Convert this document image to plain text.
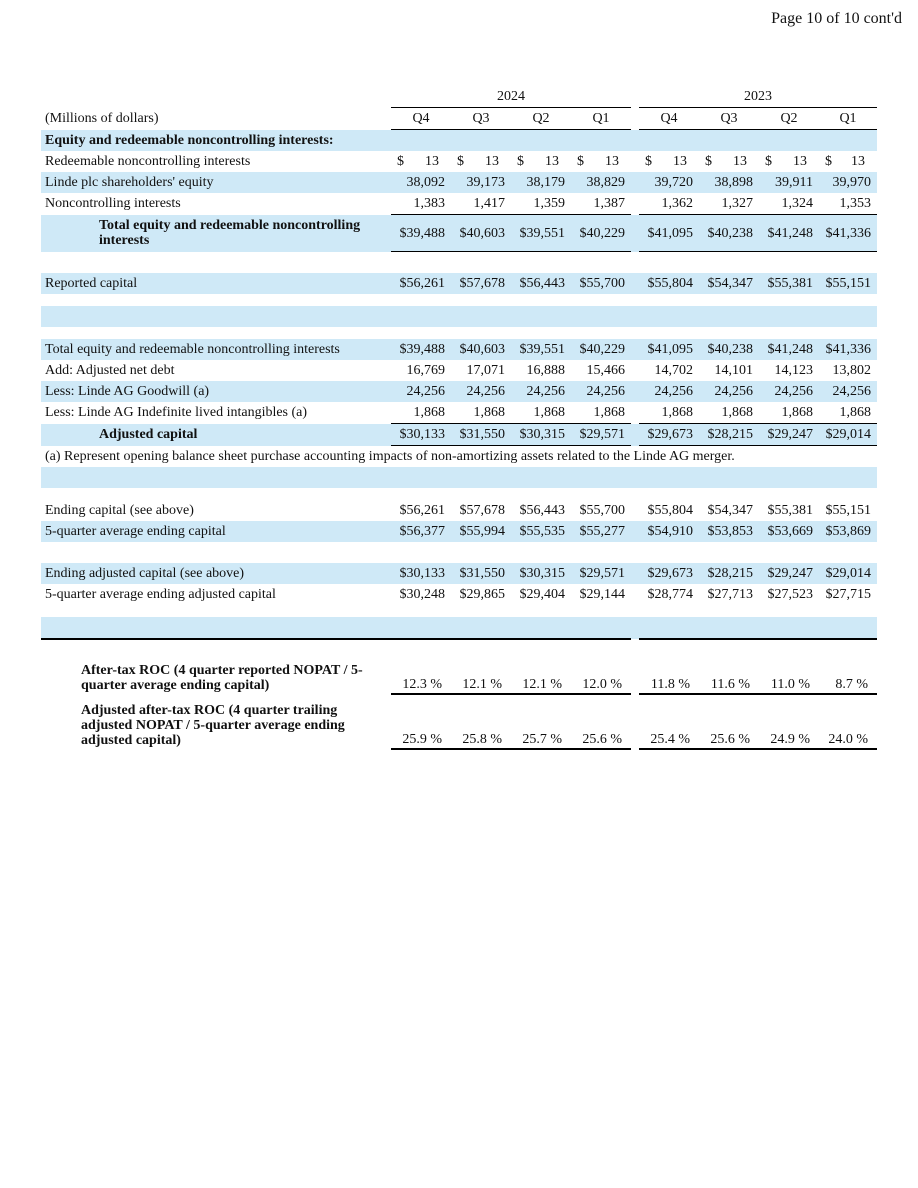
Page 10 of 10 cont'd
	2024					2023			
(Millions of dollars)	Q4	Q3	Q2	Q1		Q4	Q3	Q2	Q1
Equity and redeemable noncontrolling interests:									
Redeemable noncontrolling interests	$ 13	$ 13	$ 13	$ 13		$ 13	$ 13	$ 13	$ 13

Linde plc shareholders' equity	38,092	39,173	38,179	38,829		39,720	38,898	39,911	39,970
Noncontrolling interests	1,383	1,417	1,359	1,387		1,362	1,327	1,324	1,353
Total equity and redeemable noncontrolling interests	$39,488	$40,603	$39,551	$40,229		$41,095	$40,238	$41,248	$41,336

Reported capital	$56,261	$57,678	$56,443	$55,700		$55,804	$54,347	$55,381	$55,151

Total equity and redeemable noncontrolling interests	$39,488	$40,603	$39,551	$40,229		$41,095	$40,238	$41,248	$41,336
Add: Adjusted net debt	16,769	17,071	16,888	15,466		14,702	14,101	14,123	13,802
Less: Linde AG Goodwill (a)	24,256	24,256	24,256	24,256		24,256	24,256	24,256	24,256
Less: Linde AG Indefinite lived intangibles (a)	1,868	1,868	1,868	1,868		1,868	1,868	1,868	1,868
Adjusted capital	$30,133	$31,550	$30,315	$29,571		$29,673	$28,215	$29,247	$29,014
(a) Represent opening balance sheet purchase accounting impacts of non-amortizing assets related to the Linde AG merger.									

Ending capital (see above)	$56,261	$57,678	$56,443	$55,700		$55,804	$54,347	$55,381	$55,151
5-quarter average ending capital	$56,377	$55,994	$55,535	$55,277		$54,910	$53,853	$53,669	$53,869

Ending adjusted capital (see above)	$30,133	$31,550	$30,315	$29,571		$29,673	$28,215	$29,247	$29,014
5-quarter average ending adjusted capital	$30,248	$29,865	$29,404	$29,144		$28,774	$27,713	$27,523	$27,715

After-tax ROC (4 quarter reported NOPAT / 5-quarter average ending capital)	12.3 %	12.1 %	12.1 %	12.0 %		11.8 %	11.6 %	11.0 %	8.7 %
Adjusted after-tax ROC (4 quarter trailing adjusted NOPAT / 5-quarter average ending adjusted capital)	25.9 %	25.8 %	25.7 %	25.6 %		25.4 %	25.6 %	24.9 %	24.0 %
